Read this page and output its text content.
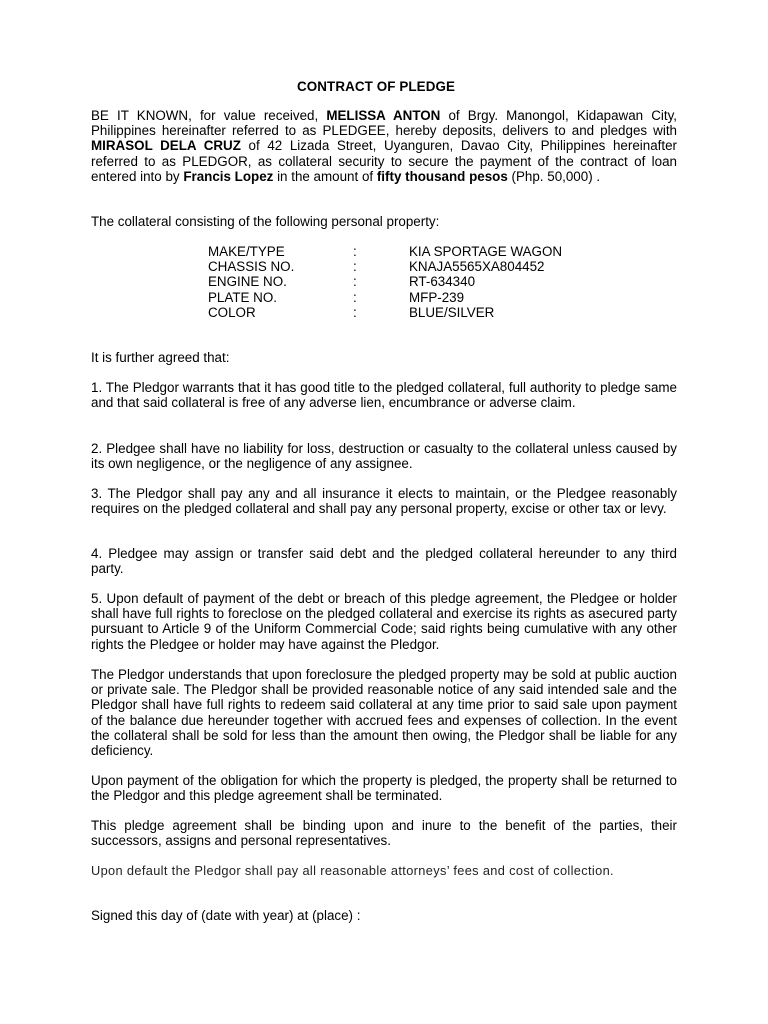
CONTRACT OF PLEDGE
BE IT KNOWN, for value received, MELISSA ANTON of Brgy. Manongol, Kidapawan City, Philippines hereinafter referred to as PLEDGEE, hereby deposits, delivers to and pledges with MIRASOL DELA CRUZ of 42 Lizada Street, Uyanguren, Davao City, Philippines hereinafter referred to as PLEDGOR, as collateral security to secure the payment of the contract of loan entered into by Francis Lopez in the amount of fifty thousand pesos (Php. 50,000) .
The collateral consisting of the following personal property:
MAKE/TYPE	:	KIA SPORTAGE WAGON
CHASSIS NO.	:	KNAJA5565XA804452
ENGINE NO.	:	RT-634340
PLATE NO.	:	MFP-239
COLOR	:	BLUE/SILVER
It is further agreed that:
1. The Pledgor warrants that it has good title to the pledged collateral, full authority to pledge same and that said collateral is free of any adverse lien, encumbrance or adverse claim.
2. Pledgee shall have no liability for loss, destruction or casualty to the collateral unless caused by its own negligence, or the negligence of any assignee.
3. The Pledgor shall pay any and all insurance it elects to maintain, or the Pledgee reasonably requires on the pledged collateral and shall pay any personal property, excise or other tax or levy.
4. Pledgee may assign or transfer said debt and the pledged collateral hereunder to any third party.
5. Upon default of payment of the debt or breach of this pledge agreement, the Pledgee or holder shall have full rights to foreclose on the pledged collateral and exercise its rights as asecured party pursuant to Article 9 of the Uniform Commercial Code; said rights being cumulative with any other rights the Pledgee or holder may have against the Pledgor.
The Pledgor understands that upon foreclosure the pledged property may be sold at public auction or private sale. The Pledgor shall be provided reasonable notice of any said intended sale and the Pledgor shall have full rights to redeem said collateral at any time prior to said sale upon payment of the balance due hereunder together with accrued fees and expenses of collection. In the event the collateral shall be sold for less than the amount then owing, the Pledgor shall be liable for any deficiency.
Upon payment of the obligation for which the property is pledged, the property shall be returned to the Pledgor and this pledge agreement shall be terminated.
This pledge agreement shall be binding upon and inure to the benefit of the parties, their successors, assigns and personal representatives.
Upon default the Pledgor shall pay all reasonable attorneys’ fees and cost of collection.
Signed this day of (date with year) at (place) :
